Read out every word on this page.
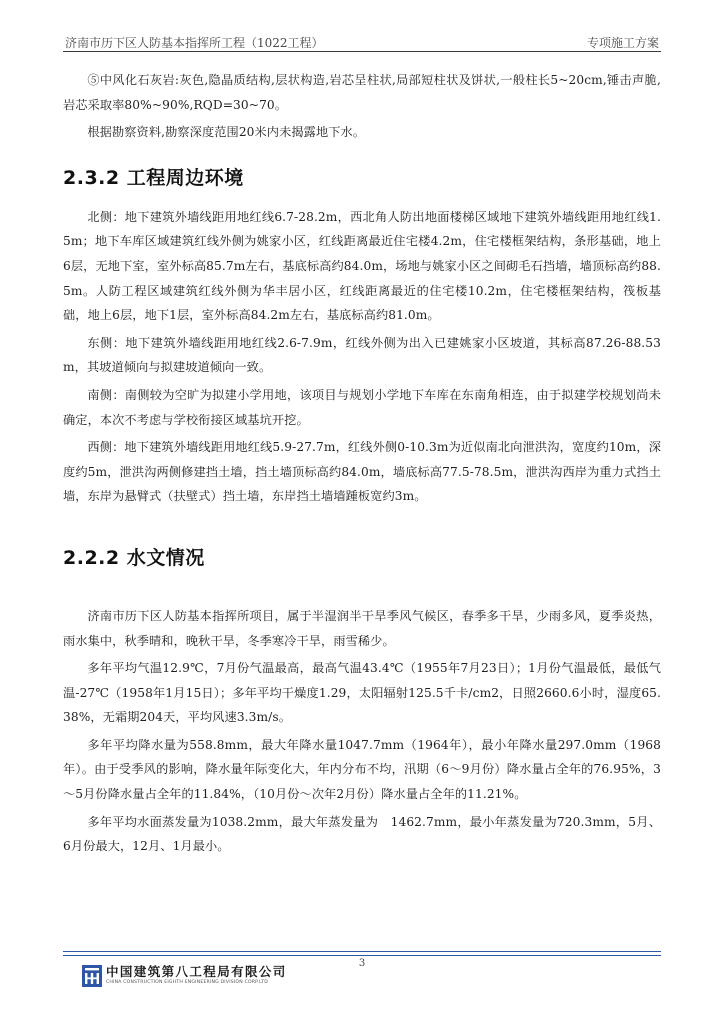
济南市历下区人防基本指挥所工程（1022工程）	专项施工方案

⑤中风化石灰岩:灰色,隐晶质结构,层状构造,岩芯呈柱状,局部短柱状及饼状,一般柱长5~20cm,锤击声脆,岩芯采取率80%~90%,RQD=30~70。

根据勘察资料,勘察深度范围20米内未揭露地下水。

2.3.2 工程周边环境

北侧：地下建筑外墙线距用地红线6.7-28.2m，西北角人防出地面楼梯区域地下建筑外墙线距用地红线1.5m；地下车库区域建筑红线外侧为姚家小区，红线距离最近住宅楼4.2m，住宅楼框架结构，条形基础，地上6层，无地下室，室外标高85.7m左右，基底标高约84.0m，场地与姚家小区之间砌毛石挡墙，墙顶标高约88.5m。人防工程区域建筑红线外侧为华丰居小区，红线距离最近的住宅楼10.2m，住宅楼框架结构，筏板基础，地上6层，地下1层，室外标高84.2m左右，基底标高约81.0m。

东侧：地下建筑外墙线距用地红线2.6-7.9m，红线外侧为出入已建姚家小区坡道，其标高87.26-88.53m，其坡道倾向与拟建坡道倾向一致。

南侧：南侧较为空旷为拟建小学用地，该项目与规划小学地下车库在东南角相连，由于拟建学校规划尚未确定，本次不考虑与学校衔接区域基坑开挖。

西侧：地下建筑外墙线距用地红线5.9-27.7m，红线外侧0-10.3m为近似南北向泄洪沟，宽度约10m，深度约5m，泄洪沟两侧修建挡土墙，挡土墙顶标高约84.0m，墙底标高77.5-78.5m，泄洪沟西岸为重力式挡土墙，东岸为悬臂式（扶壁式）挡土墙，东岸挡土墙墙踵板宽约3m。

2.2.2 水文情况

济南市历下区人防基本指挥所项目，属于半湿润半干旱季风气候区，春季多干旱，少雨多风，夏季炎热，雨水集中，秋季晴和，晚秋干旱，冬季寒冷干旱，雨雪稀少。

多年平均气温12.9℃，7月份气温最高，最高气温43.4℃（1955年7月23日）；1月份气温最低，最低气温-27℃（1958年1月15日）；多年平均干燥度1.29，太阳辐射125.5千卡/cm2，日照2660.6小时，湿度65.38%，无霜期204天，平均风速3.3m/s。

多年平均降水量为558.8mm，最大年降水量1047.7mm（1964年），最小年降水量297.0mm（1968年）。由于受季风的影响，降水量年际变化大，年内分布不均，汛期（6～9月份）降水量占全年的76.95%，3～5月份降水量占全年的11.84%，（10月份～次年2月份）降水量占全年的11.21%。

多年平均水面蒸发量为1038.2mm，最大年蒸发量为　1462.7mm，最小年蒸发量为720.3mm，5月、6月份最大，12月、1月最小。

3
中国建筑第八工程局有限公司
CHINA CONSTRUCTION EIGHTH ENGINEERING DIVISION CORP.LTD
